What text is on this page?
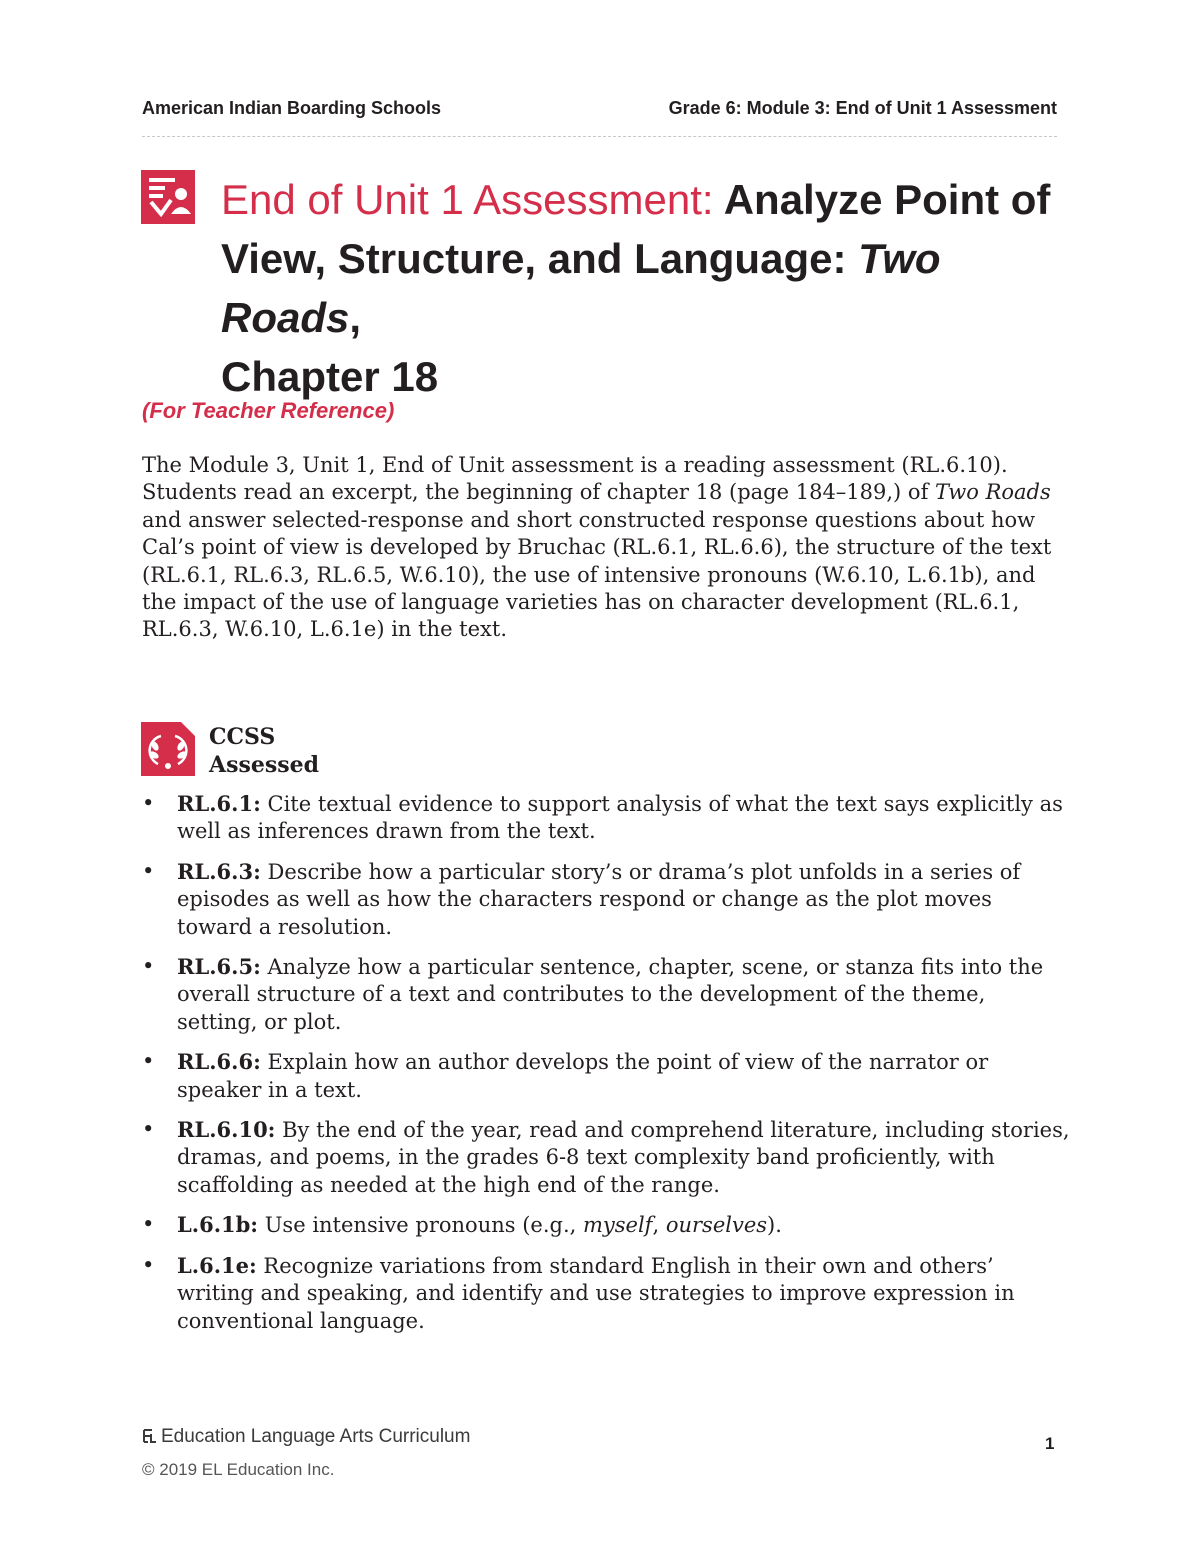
American Indian Boarding Schools	Grade 6: Module 3: End of Unit 1 Assessment
End of Unit 1 Assessment: Analyze Point of View, Structure, and Language: Two Roads,
Chapter 18
(For Teacher Reference)

The Module 3, Unit 1, End of Unit assessment is a reading assessment (RL.6.10). Students read an excerpt, the beginning of chapter 18 (page 184–189,) of Two Roads and answer selected-response and short constructed response questions about how Cal’s point of view is developed by Bruchac (RL.6.1, RL.6.6), the structure of the text (RL.6.1, RL.6.3, RL.6.5, W.6.10), the use of intensive pronouns (W.6.10, L.6.1b), and the impact of the use of language varieties has on character development (RL.6.1, RL.6.3, W.6.10, L.6.1e) in the text.

CCSS
Assessed
• RL.6.1: Cite textual evidence to support analysis of what the text says explicitly as well as inferences drawn from the text.
• RL.6.3: Describe how a particular story’s or drama’s plot unfolds in a series of episodes as well as how the characters respond or change as the plot moves toward a resolution.
• RL.6.5: Analyze how a particular sentence, chapter, scene, or stanza fits into the overall structure of a text and contributes to the development of the theme, setting, or plot.
• RL.6.6: Explain how an author develops the point of view of the narrator or speaker in a text.
• RL.6.10: By the end of the year, read and comprehend literature, including stories, dramas, and poems, in the grades 6-8 text complexity band proficiently, with scaffolding as needed at the high end of the range.
• L.6.1b: Use intensive pronouns (e.g., myself, ourselves).
• L.6.1e: Recognize variations from standard English in their own and others’ writing and speaking, and identify and use strategies to improve expression in conventional language.
Education Language Arts Curriculum
© 2019 EL Education Inc.
1
